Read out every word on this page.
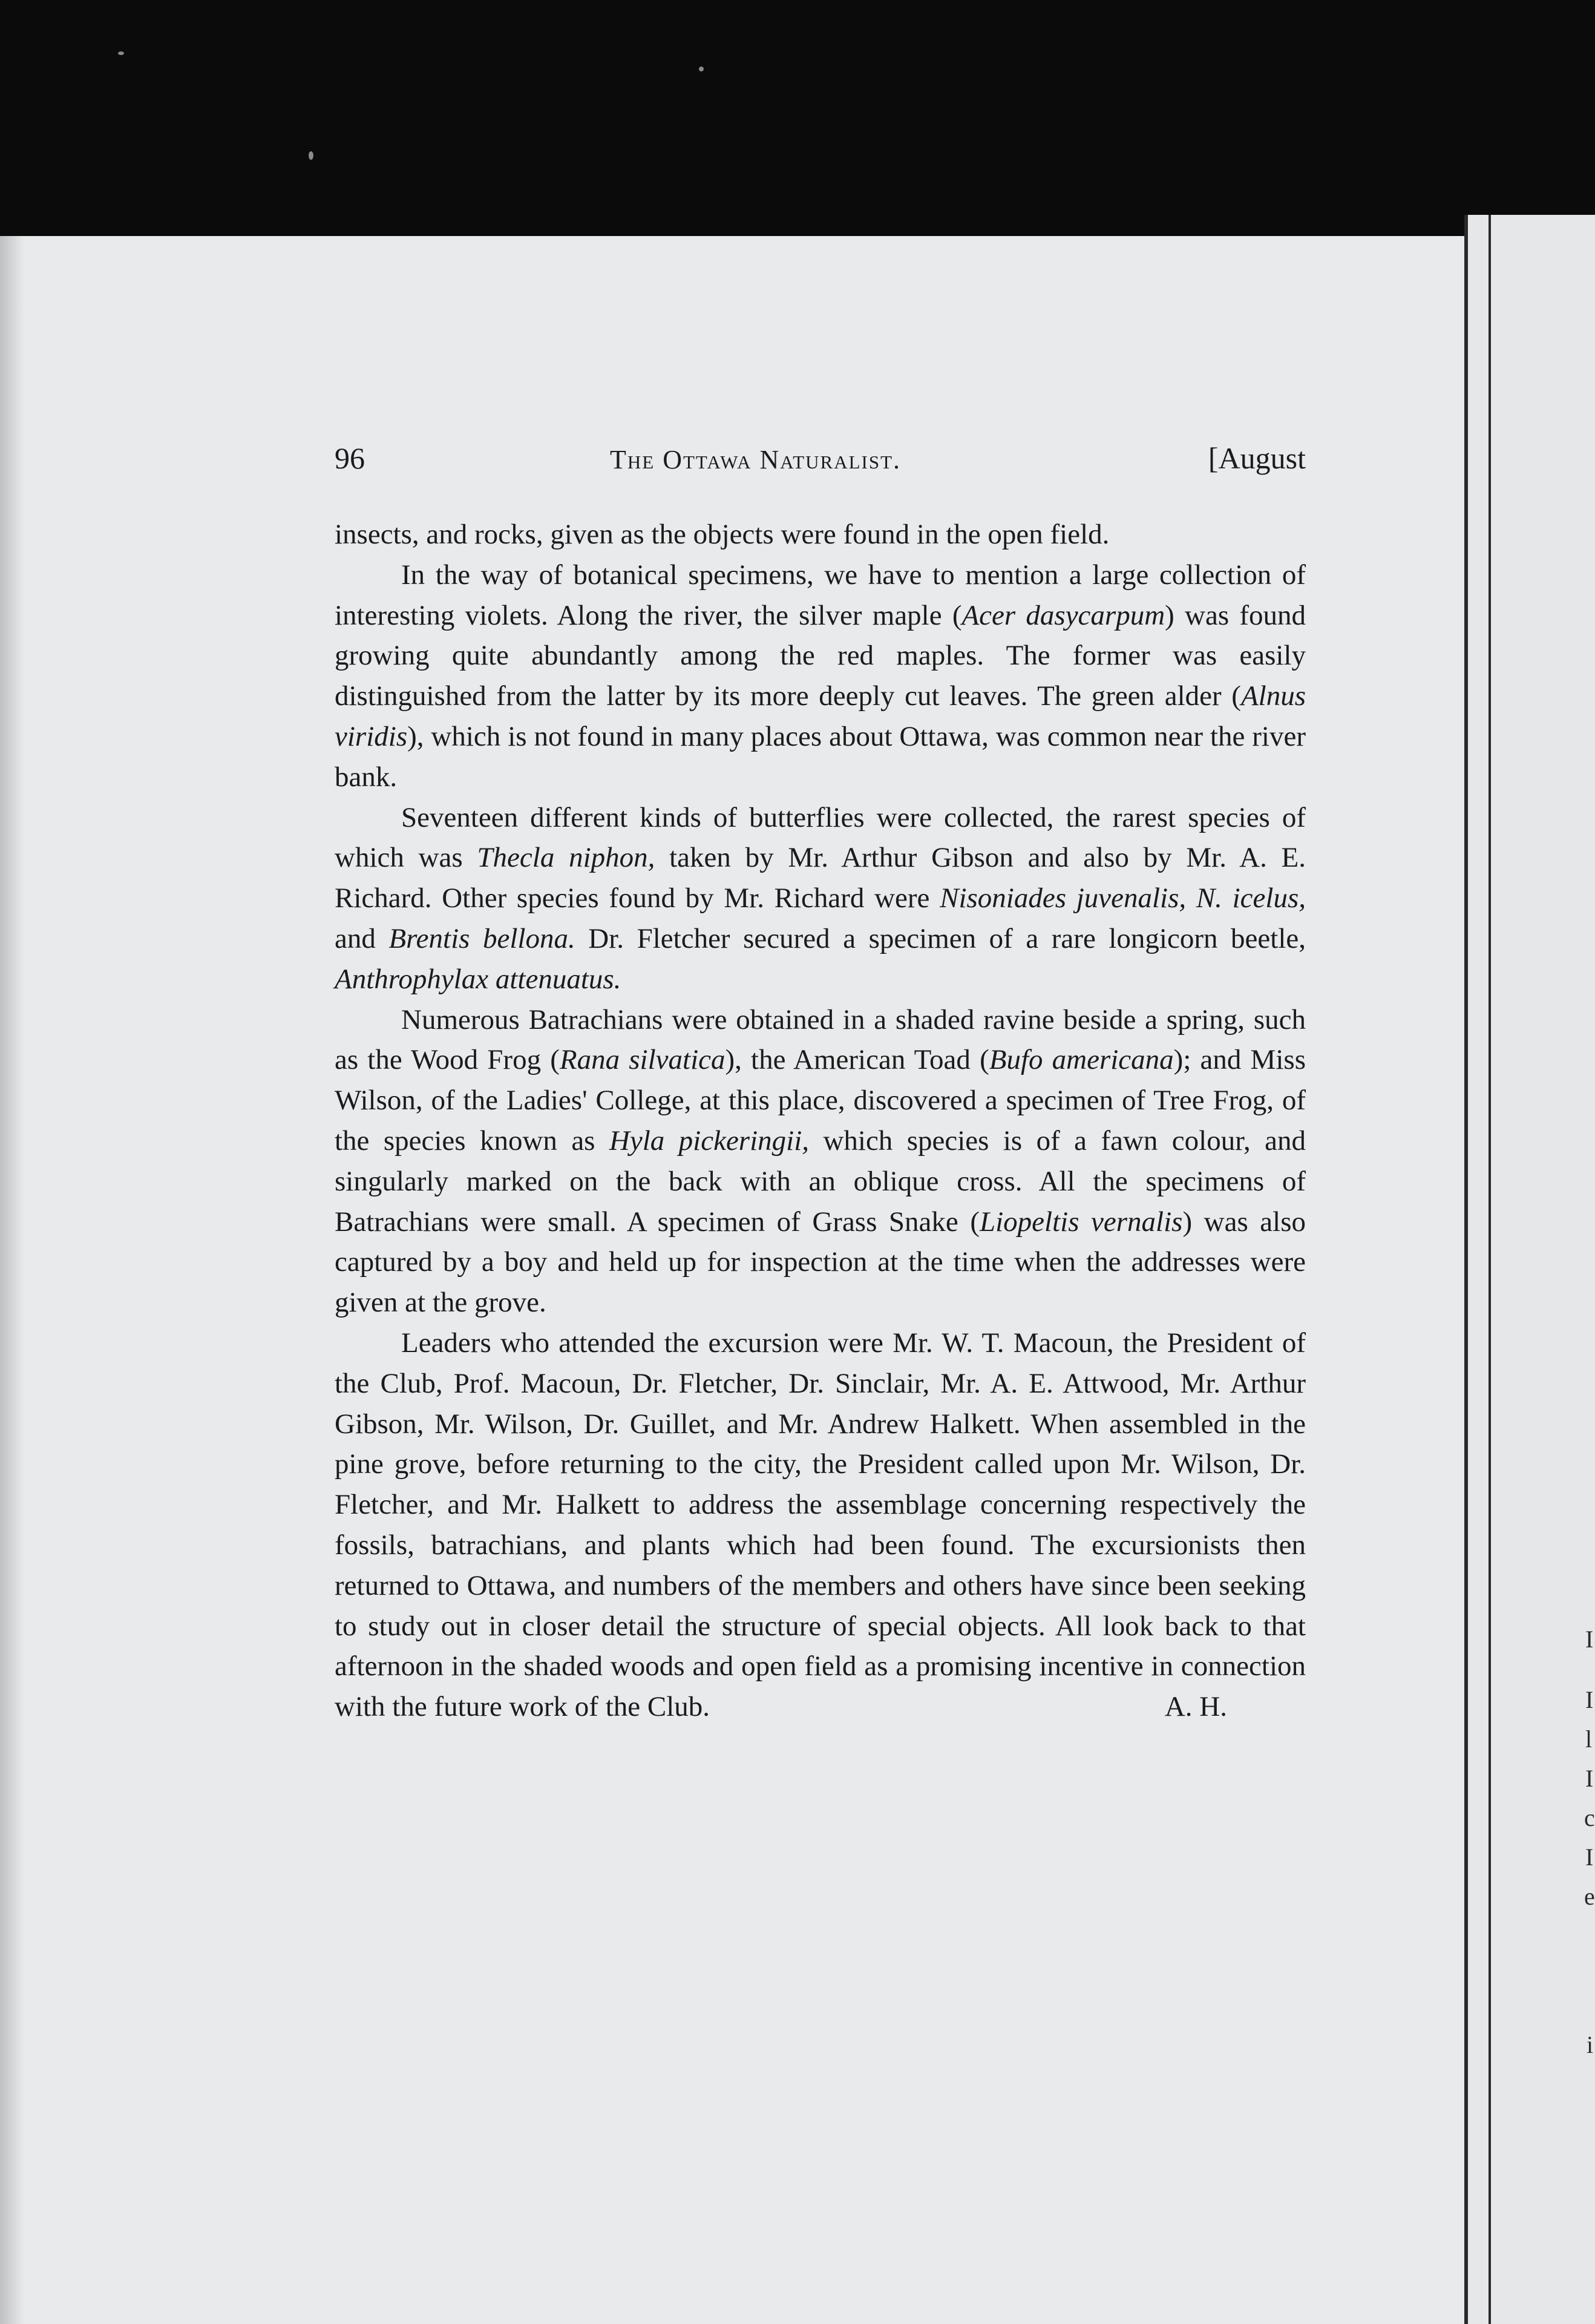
I
I
l
I
c
I
e
i
96	The Ottawa Naturalist.	[August

insects, and rocks, given as the objects were found in the open field.

In the way of botanical specimens, we have to mention a large collection of interesting violets. Along the river, the silver maple (Acer dasycarpum) was found growing quite abundantly among the red maples. The former was easily distinguished from the latter by its more deeply cut leaves. The green alder (Alnus viridis), which is not found in many places about Ottawa, was common near the river bank.

Seventeen different kinds of butterflies were collected, the rarest species of which was Thecla niphon, taken by Mr. Arthur Gibson and also by Mr. A. E. Richard. Other species found by Mr. Richard were Nisoniades juvenalis, N. icelus, and Brentis bellona. Dr. Fletcher secured a specimen of a rare longicorn beetle, Anthrophylax attenuatus.

Numerous Batrachians were obtained in a shaded ravine beside a spring, such as the Wood Frog (Rana silvatica), the American Toad (Bufo americana); and Miss Wilson, of the Ladies' College, at this place, discovered a specimen of Tree Frog, of the species known as Hyla pickeringii, which species is of a fawn colour, and singularly marked on the back with an oblique cross. All the specimens of Batrachians were small. A specimen of Grass Snake (Liopeltis vernalis) was also captured by a boy and held up for inspection at the time when the addresses were given at the grove.

Leaders who attended the excursion were Mr. W. T. Macoun, the President of the Club, Prof. Macoun, Dr. Fletcher, Dr. Sinclair, Mr. A. E. Attwood, Mr. Arthur Gibson, Mr. Wilson, Dr. Guillet, and Mr. Andrew Halkett. When assembled in the pine grove, before returning to the city, the President called upon Mr. Wilson, Dr. Fletcher, and Mr. Halkett to address the assemblage concerning respectively the fossils, batrachians, and plants which had been found. The excursionists then returned to Ottawa, and numbers of the members and others have since been seeking to study out in closer detail the structure of special objects. All look back to that afternoon in the shaded woods and open field as a promising incentive in connection with the future work of the Club.	A. H.
